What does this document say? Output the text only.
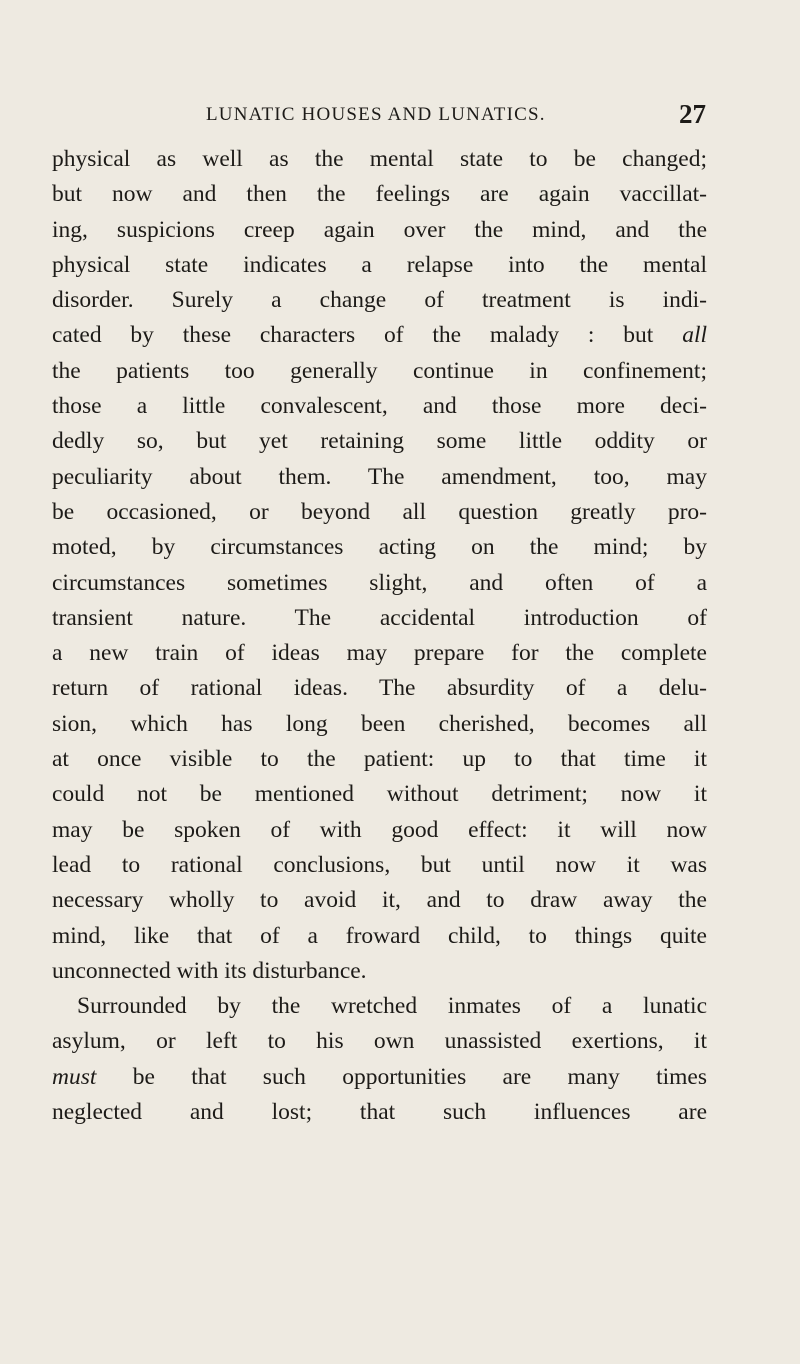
LUNATIC HOUSES AND LUNATICS.	27
physical as well as the mental state to be changed;
but now and then the feelings are again vaccillat-
ing, suspicions creep again over the mind, and the
physical state indicates a relapse into the mental
disorder. Surely a change of treatment is indi-
cated by these characters of the malady : but all
the patients too generally continue in confinement;
those a little convalescent, and those more deci-
dedly so, but yet retaining some little oddity or
peculiarity about them. The amendment, too, may
be occasioned, or beyond all question greatly pro-
moted, by circumstances acting on the mind; by
circumstances sometimes slight, and often of a
transient nature. The accidental introduction of
a new train of ideas may prepare for the complete
return of rational ideas. The absurdity of a delu-
sion, which has long been cherished, becomes all
at once visible to the patient: up to that time it
could not be mentioned without detriment; now it
may be spoken of with good effect: it will now
lead to rational conclusions, but until now it was
necessary wholly to avoid it, and to draw away the
mind, like that of a froward child, to things quite
unconnected with its disturbance.
Surrounded by the wretched inmates of a lunatic
asylum, or left to his own unassisted exertions, it
must be that such opportunities are many times
neglected and lost; that such influences are
